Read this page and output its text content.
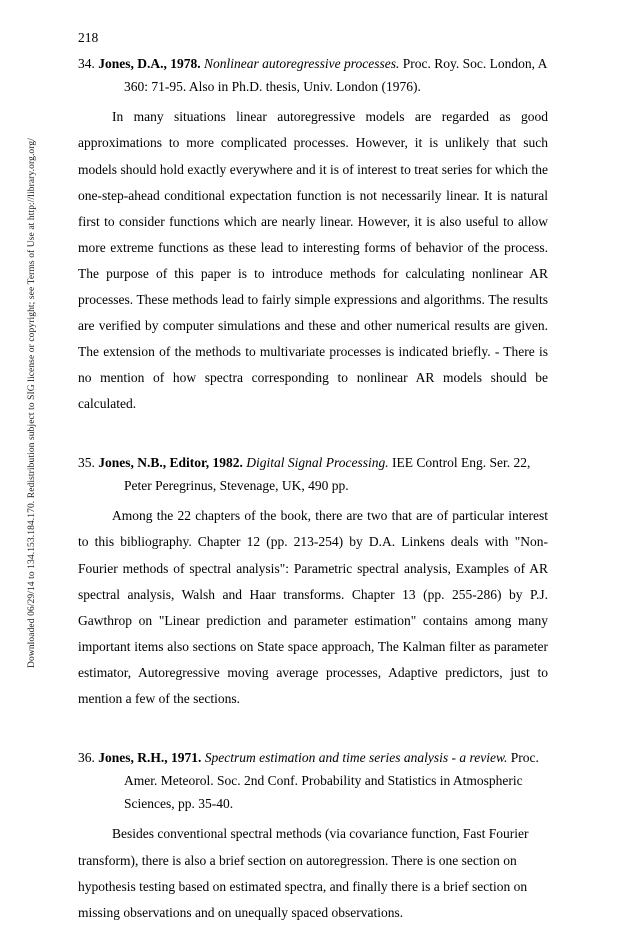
Downloaded 06/29/14 to 134.153.184.170. Redistribution subject to SIG license or copyright; see Terms of Use at http://library.org.org/
218
34. Jones, D.A., 1978. Nonlinear autoregressive processes. Proc. Roy. Soc. London, A
360: 71-95. Also in Ph.D. thesis, Univ. London (1976).
In many situations linear autoregressive models are regarded as good approximations to more complicated processes. However, it is unlikely that such models should hold exactly everywhere and it is of interest to treat series for which the one-step-ahead conditional expectation function is not necessarily linear. It is natural first to consider functions which are nearly linear. However, it is also useful to allow more extreme functions as these lead to interesting forms of behavior of the process. The purpose of this paper is to introduce methods for calculating nonlinear AR processes. These methods lead to fairly simple expressions and algorithms. The results are verified by computer simulations and these and other numerical results are given. The extension of the methods to multivariate processes is indicated briefly. - There is no mention of how spectra corresponding to nonlinear AR models should be calculated.
35. Jones, N.B., Editor, 1982. Digital Signal Processing. IEE Control Eng. Ser. 22,
Peter Peregrinus, Stevenage, UK, 490 pp.
Among the 22 chapters of the book, there are two that are of particular interest to this bibliography. Chapter 12 (pp. 213-254) by D.A. Linkens deals with "Non-Fourier methods of spectral analysis": Parametric spectral analysis, Examples of AR spectral analysis, Walsh and Haar transforms. Chapter 13 (pp. 255-286) by P.J. Gawthrop on "Linear prediction and parameter estimation" contains among many important items also sections on State space approach, The Kalman filter as parameter estimator, Autoregressive moving average processes, Adaptive predictors, just to mention a few of the sections.
36. Jones, R.H., 1971. Spectrum estimation and time series analysis - a review. Proc.
Amer. Meteorol. Soc. 2nd Conf. Probability and Statistics in Atmospheric
Sciences, pp. 35-40.
Besides conventional spectral methods (via covariance function, Fast Fourier transform), there is also a brief section on autoregression. There is one section on hypothesis testing based on estimated spectra, and finally there is a brief section on missing observations and on unequally spaced observations.
